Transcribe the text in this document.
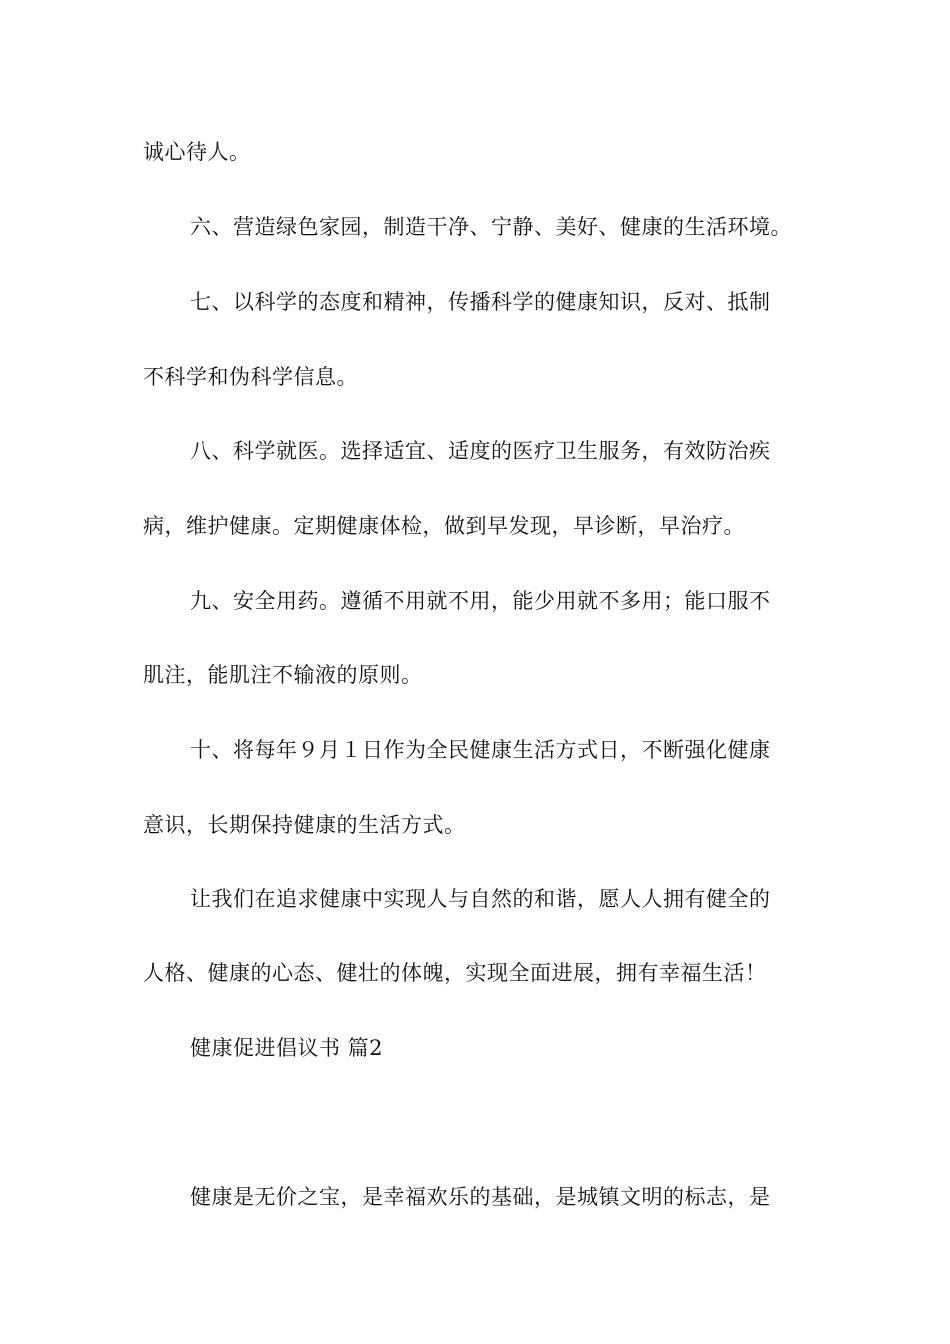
诚心待人。
六、营造绿色家园，制造干净、宁静、美好、健康的生活环境。
七、以科学的态度和精神，传播科学的健康知识，反对、抵制
不科学和伪科学信息。
八、科学就医。选择适宜、适度的医疗卫生服务，有效防治疾
病，维护健康。定期健康体检，做到早发现，早诊断，早治疗。
九、安全用药。遵循不用就不用，能少用就不多用；能口服不
肌注，能肌注不输液的原则。
十、将每年９月１日作为全民健康生活方式日，不断强化健康
意识，长期保持健康的生活方式。
让我们在追求健康中实现人与自然的和谐，愿人人拥有健全的
人格、健康的心态、健壮的体魄，实现全面进展，拥有幸福生活！
健康促进倡议书 篇2
健康是无价之宝，是幸福欢乐的基础，是城镇文明的标志，是
